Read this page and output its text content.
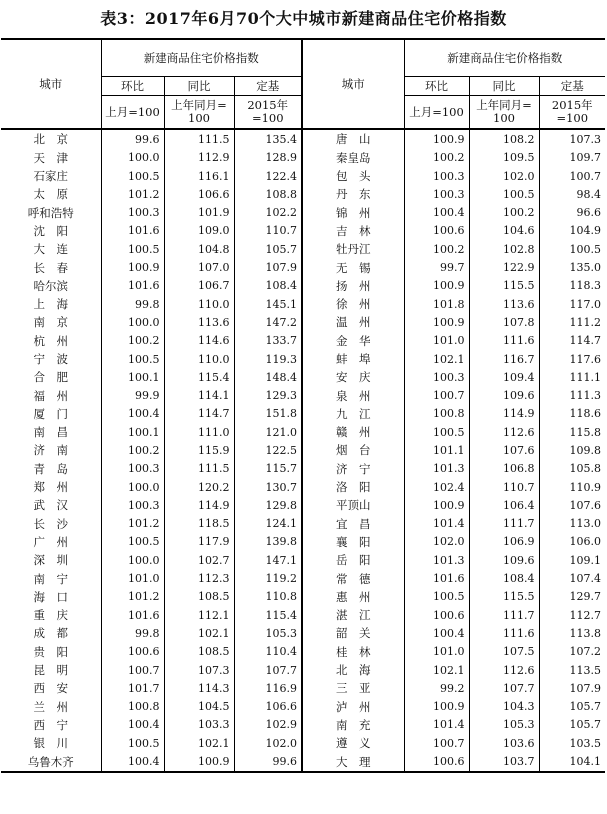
表3：2017年6月70个大中城市新建商品住宅价格指数
城市	新建商品住宅价格指数			城市	新建商品住宅价格指数		
	环比	同比	定基		环比	同比	定基
	上月=100	上年同月=
100	2015年
=100		上月=100	上年同月=
100	2015年
=100
北　京	99.6	111.5	135.4	唐　山	100.9	108.2	107.3
天　津	100.0	112.9	128.9	秦皇岛	100.2	109.5	109.7
石家庄	100.5	116.1	122.4	包　头	100.3	102.0	100.7
太　原	101.2	106.6	108.8	丹　东	100.3	100.5	98.4
呼和浩特	100.3	101.9	102.2	锦　州	100.4	100.2	96.6
沈　阳	101.6	109.0	110.7	吉　林	100.6	104.6	104.9
大　连	100.5	104.8	105.7	牡丹江	100.2	102.8	100.5
长　春	100.9	107.0	107.9	无　锡	99.7	122.9	135.0
哈尔滨	101.6	106.7	108.4	扬　州	100.9	115.5	118.3
上　海	99.8	110.0	145.1	徐　州	101.8	113.6	117.0
南　京	100.0	113.6	147.2	温　州	100.9	107.8	111.2
杭　州	100.2	114.6	133.7	金　华	101.0	111.6	114.7
宁　波	100.5	110.0	119.3	蚌　埠	102.1	116.7	117.6
合　肥	100.1	115.4	148.4	安　庆	100.3	109.4	111.1
福　州	99.9	114.1	129.3	泉　州	100.7	109.6	111.3
厦　门	100.4	114.7	151.8	九　江	100.8	114.9	118.6
南　昌	100.1	111.0	121.0	赣　州	100.5	112.6	115.8
济　南	100.2	115.9	122.5	烟　台	101.1	107.6	109.8
青　岛	100.3	111.5	115.7	济　宁	101.3	106.8	105.8
郑　州	100.0	120.2	130.7	洛　阳	102.4	110.7	110.9
武　汉	100.3	114.9	129.8	平顶山	100.9	106.4	107.6
长　沙	101.2	118.5	124.1	宜　昌	101.4	111.7	113.0
广　州	100.5	117.9	139.8	襄　阳	102.0	106.9	106.0
深　圳	100.0	102.7	147.1	岳　阳	101.3	109.6	109.1
南　宁	101.0	112.3	119.2	常　德	101.6	108.4	107.4
海　口	101.2	108.5	110.8	惠　州	100.5	115.5	129.7
重　庆	101.6	112.1	115.4	湛　江	100.6	111.7	112.7
成　都	99.8	102.1	105.3	韶　关	100.4	111.6	113.8
贵　阳	100.6	108.5	110.4	桂　林	101.0	107.5	107.2
昆　明	100.7	107.3	107.7	北　海	102.1	112.6	113.5
西　安	101.7	114.3	116.9	三　亚	99.2	107.7	107.9
兰　州	100.8	104.5	106.6	泸　州	100.9	104.3	105.7
西　宁	100.4	103.3	102.9	南　充	101.4	105.3	105.7
银　川	100.5	102.1	102.0	遵　义	100.7	103.6	103.5
乌鲁木齐	100.4	100.9	99.6	大　理	100.6	103.7	104.1
